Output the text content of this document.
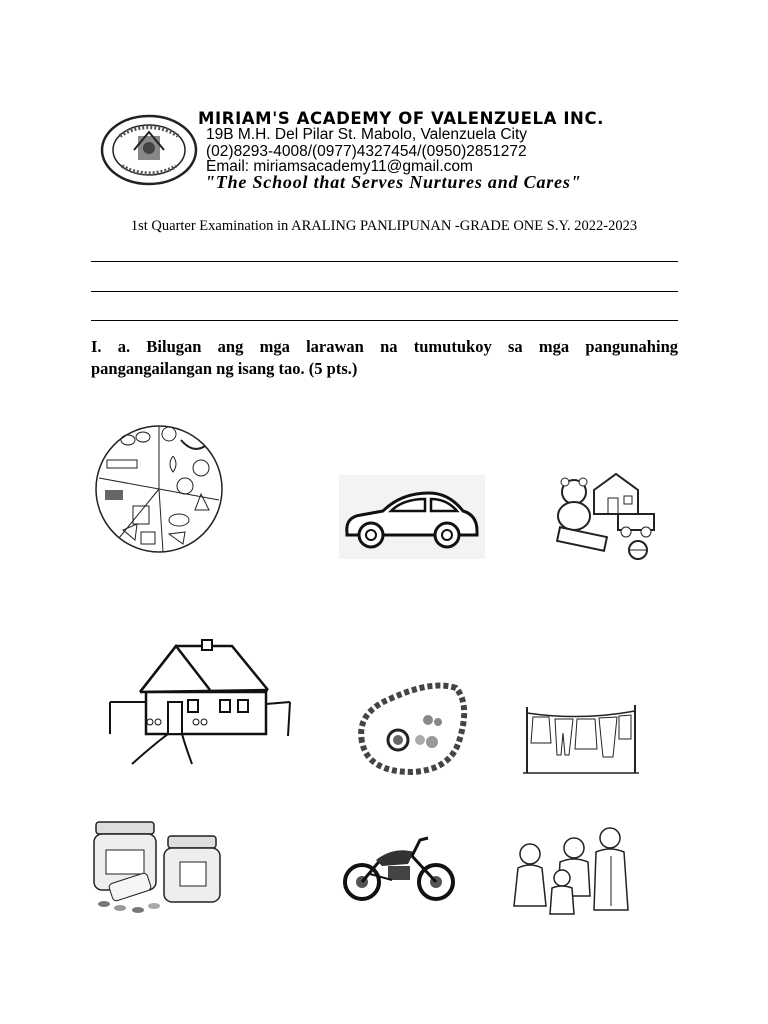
MIRIAM'S ACADEMY OF VALENZUELA INC.
19B M.H. Del Pilar St. Mabolo, Valenzuela City
(02)8293-4008/(0977)4327454/(0950)2851272
Email: miriamsacademy11@gmail.com
"The School that Serves Nurtures and Cares"
1st Quarter Examination in ARALING PANLIPUNAN -GRADE ONE S.Y. 2022-2023
I. a. Bilugan ang mga larawan na tumutukoy sa mga pangunahing
pangangailangan ng isang tao. (5 pts.)
